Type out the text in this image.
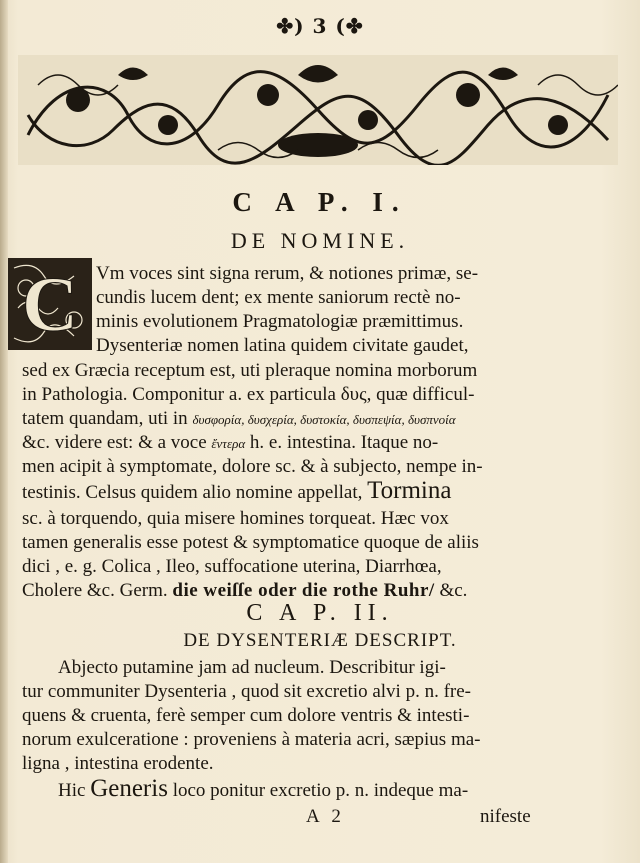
✤) 3 (✤
C A P. I.
DE NOMINE.
C Vm voces sint signa rerum, & notiones primæ, se-
cundis lucem dent; ex mente saniorum rectè no-
minis evolutionem Pragmatologiæ præmittimus.
Dysenteriæ nomen latina quidem civitate gaudet,
sed ex Græcia receptum est, uti pleraque nomina morborum
in Pathologia. Componitur a. ex particula δυς, quæ difficul-
tatem quandam, uti in δυσφορία, δυσχερία, δυστοκία, δυσπεψία, δυσπνοία
&c. videre est: & a voce ἔντερα h. e. intestina. Itaque no-
men acipit à symptomate, dolore sc. & à subjecto, nempe in-
testinis. Celsus quidem alio nomine appellat, Tormina
sc. à torquendo, quia misere homines torqueat. Hæc vox
tamen generalis esse potest & symptomatice quoque de aliis
dici , e. g. Colica , Ileo, suffocatione uterina, Diarrhœa,
Cholere &c. Germ. die weiſſe oder die rothe Ruhr/ &c.
C A P. II.
DE DYSENTERIÆ DESCRIPT.
Abjecto putamine jam ad nucleum. Describitur igi-
tur communiter Dysenteria , quod sit excretio alvi p. n. fre-
quens & cruenta, ferè semper cum dolore ventris & intesti-
norum exulceratione : proveniens à materia acri, sæpius ma-
ligna , intestina erodente.
Hic Generis loco ponitur excretio p. n. indeque ma-
A 2	nifeste
